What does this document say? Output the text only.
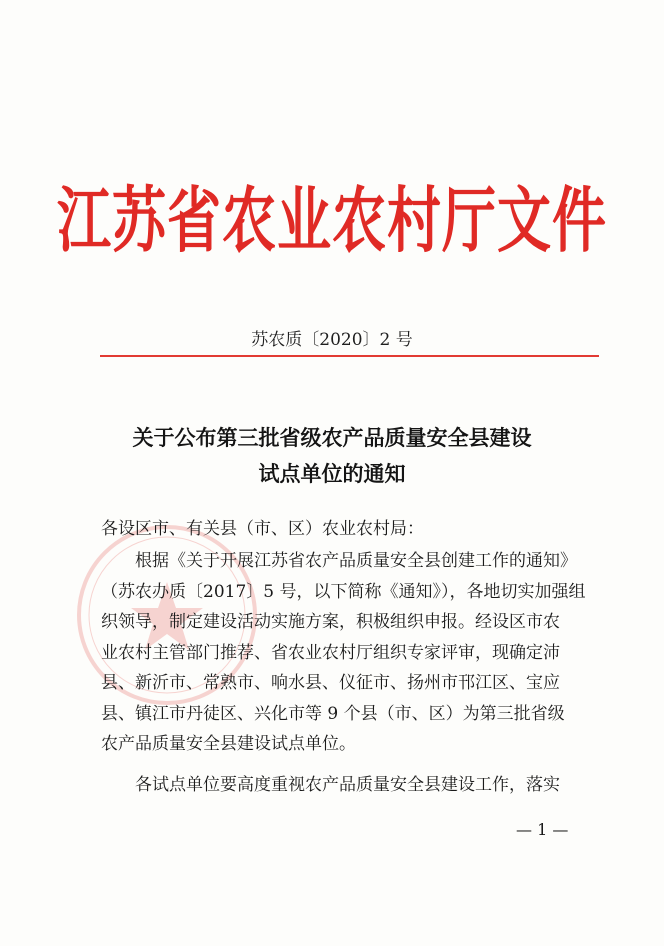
江苏省农业农村厅文件
苏农质〔2020〕2 号
关于公布第三批省级农产品质量安全县建设
试点单位的通知
各设区市、有关县（市、区）农业农村局：
根据《关于开展江苏省农产品质量安全县创建工作的通知》
（苏农办质〔2017〕5 号，以下简称《通知》），各地切实加强组
织领导，制定建设活动实施方案，积极组织申报。经设区市农
业农村主管部门推荐、省农业农村厅组织专家评审，现确定沛
县、新沂市、常熟市、响水县、仪征市、扬州市邗江区、宝应
县、镇江市丹徒区、兴化市等 9 个县（市、区）为第三批省级
农产品质量安全县建设试点单位。
各试点单位要高度重视农产品质量安全县建设工作，落实
— 1 —
